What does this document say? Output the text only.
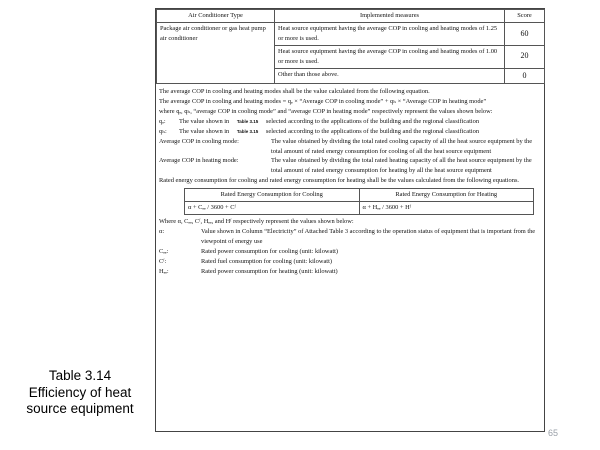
Air Conditioner Type	Implemented measures	Score
Package air conditioner or gas heat pump air conditioner	Heat source equipment having the average COP in cooling and heating modes of 1.25 or more is used.	60
	Heat source equipment having the average COP in cooling and heating modes of 1.00 or more is used.	20
	Other than those above.	0

The average COP in cooling and heating modes shall be the value calculated from the following equation.

The average COP in cooling and heating modes = qₑ × “Average COP in cooling mode” + qₕ × “Average COP in heating mode”

where qₑ, qₕ, “average COP in cooling mode” and “average COP in heating mode” respectively represent the values shown below:

qₑ:	The value shown in Table 3.15 selected according to the applications of the building and the regional classification
qₕ:	The value shown in Table 3.15 selected according to the applications of the building and the regional classification
Average COP in cooling mode:	The value obtained by dividing the total rated cooling capacity of all the heat source equipment by the total amount of rated energy consumption for cooling of all the heat source equipment
Average COP in heating mode:	The value obtained by dividing the total rated heating capacity of all the heat source equipment by the total amount of rated energy consumption for heating by all the heat source equipment

Rated energy consumption for cooling and rated energy consumption for heating shall be the values calculated from the following equations.

Rated Energy Consumption for Cooling	Rated Energy Consumption for Heating
α + Cₑₑ / 3600 + Cᶠ	α + Hₑₑ / 3600 + Hᶠ

Where α, Cₑₑ, Cᶠ, Hₑₑ, and Hᶠ respectively represent the values shown below:

α:	Value shown in Column “Electricity” of Attached Table 3 according to the operation status of equipment that is important from the viewpoint of energy use
Cₑₑ:	Rated power consumption for cooling (unit: kilowatt)
Cᶠ:	Rated fuel consumption for cooling (unit: kilowatt)
Hₑₑ:	Rated power consumption for heating (unit: kilowatt)
Table 3.14
Efficiency of heat
source equipment
65
